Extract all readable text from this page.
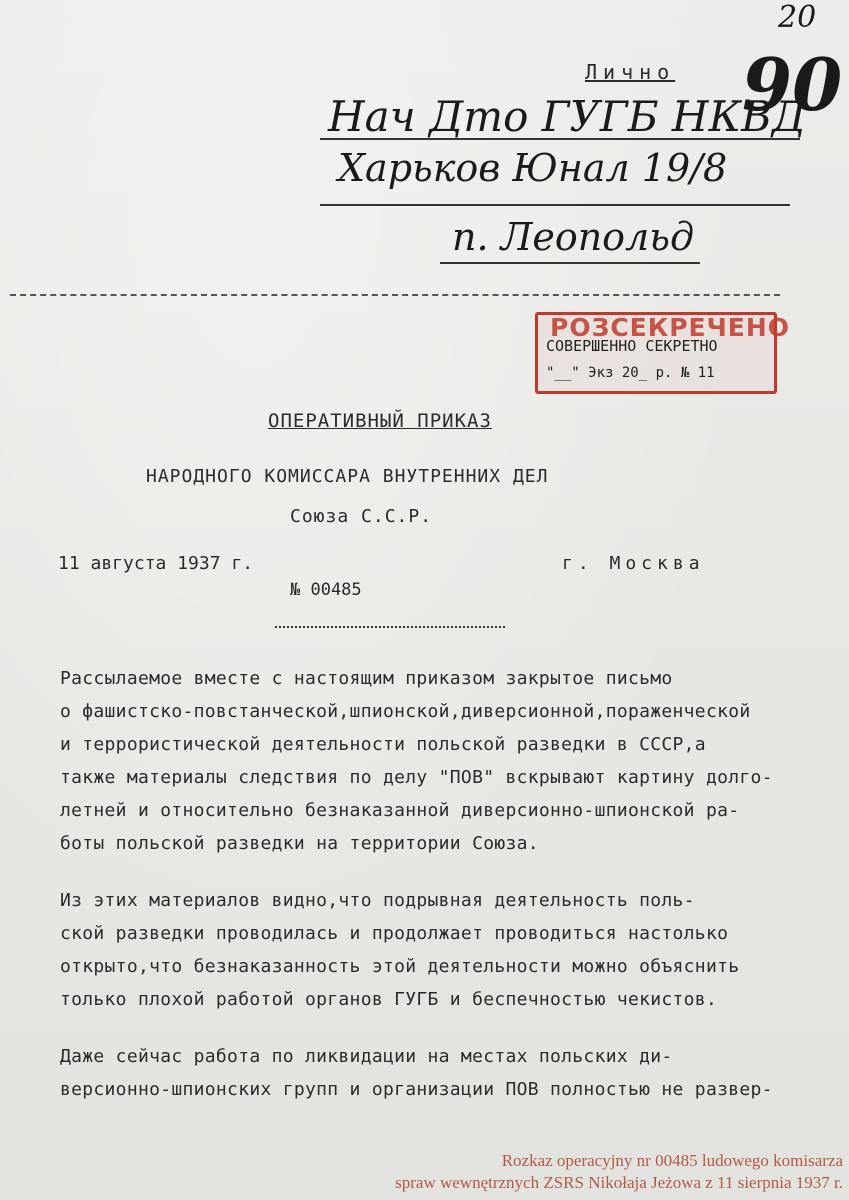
20
Лично 90
Нач Дто ГУГБ НКВД
Харьков Юнал 19/8
п. Леопольд
СОВЕРШЕННО СЕКРЕТНО
РОЗСЕКРЕЧЕНО
"__" Экз 20_ р. № 11
ОПЕРАТИВНЫЙ ПРИКАЗ
НАРОДНОГО КОМИССАРА ВНУТРЕННИХ ДЕЛ
Союза С.С.Р.
11 августа 1937 г.	г. Москва
№ 00485
Рассылаемое вместе с настоящим приказом закрытое письмо
о фашистско-повстанческой,шпионской,диверсионной,пораженческой
и террористической деятельности польской разведки в СССР,а
также материалы следствия по делу "ПОВ" вскрывают картину долго-
летней и относительно безнаказанной диверсионно-шпионской ра-
боты польской разведки на территории Союза.
Из этих материалов видно,что подрывная деятельность поль-
ской разведки проводилась и продолжает проводиться настолько
открыто,что безнаказанность этой деятельности можно объяснить
только плохой работой органов ГУГБ и беспечностью чекистов.
Даже сейчас работа по ликвидации на местах польских ди-
версионно-шпионских групп и организации ПОВ полностью не развер-
Rozkaz operacyjny nr 00485 ludowego komisarza
spraw wewnętrznych ZSRS Nikołaja Jeżowa z 11 sierpnia 1937 r.
